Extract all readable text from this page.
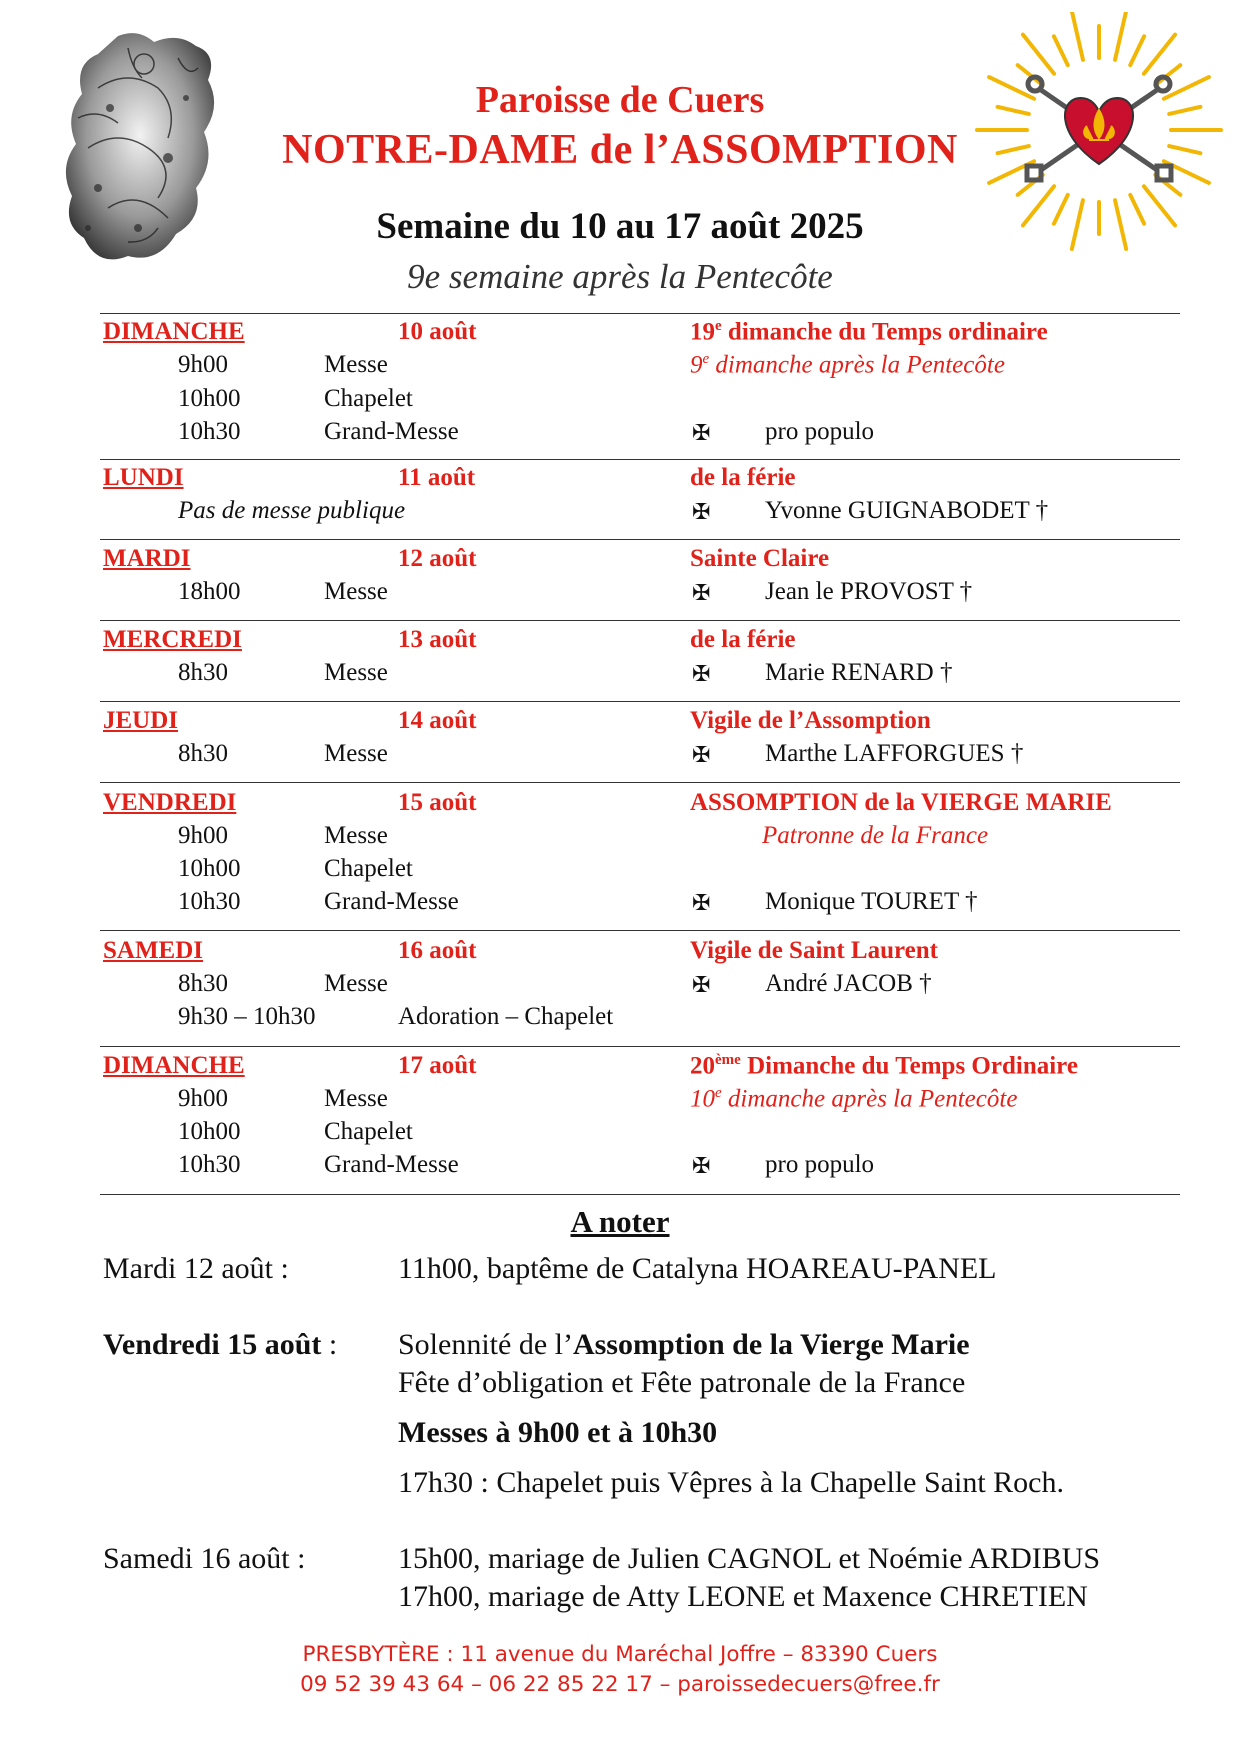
Paroisse de Cuers
NOTRE-DAME de l’ASSOMPTION
Semaine du 10 au 17 août 2025
9e semaine après la Pentecôte
DIMANCHE	10 août	19e dimanche du Temps ordinaire
9e dimanche après la Pentecôte
9h00	Messe
10h00	Chapelet
10h30	Grand-Messe	✠ pro populo
LUNDI	11 août	de la férie
Pas de messe publique	✠ Yvonne GUIGNABODET †
MARDI	12 août	Sainte Claire
18h00	Messe	✠ Jean le PROVOST †
MERCREDI	13 août	de la férie
8h30	Messe	✠ Marie RENARD †
JEUDI	14 août	Vigile de l’Assomption
8h30	Messe	✠ Marthe LAFFORGUES †
VENDREDI	15 août	ASSOMPTION de la VIERGE MARIE
Patronne de la France
9h00	Messe
10h00	Chapelet
10h30	Grand-Messe	✠ Monique TOURET †
SAMEDI	16 août	Vigile de Saint Laurent
8h30	Messe	✠ André JACOB †
9h30 – 10h30	Adoration – Chapelet
DIMANCHE	17 août	20ème Dimanche du Temps Ordinaire
10e dimanche après la Pentecôte
9h00	Messe
10h00	Chapelet
10h30	Grand-Messe	✠ pro populo
A noter
Mardi 12 août :	11h00, baptême de Catalyna HOAREAU-PANEL
Vendredi 15 août : Solennité de l’Assomption de la Vierge Marie
Fête d’obligation et Fête patronale de la France
Messes à 9h00 et à 10h30
17h30 : Chapelet puis Vêpres à la Chapelle Saint Roch.
Samedi 16 août :	15h00, mariage de Julien CAGNOL et Noémie ARDIBUS
17h00, mariage de Atty LEONE et Maxence CHRETIEN
PRESBYTÈRE : 11 avenue du Maréchal Joffre – 83390 Cuers
09 52 39 43 64 – 06 22 85 22 17 – paroissedecuers@free.fr
